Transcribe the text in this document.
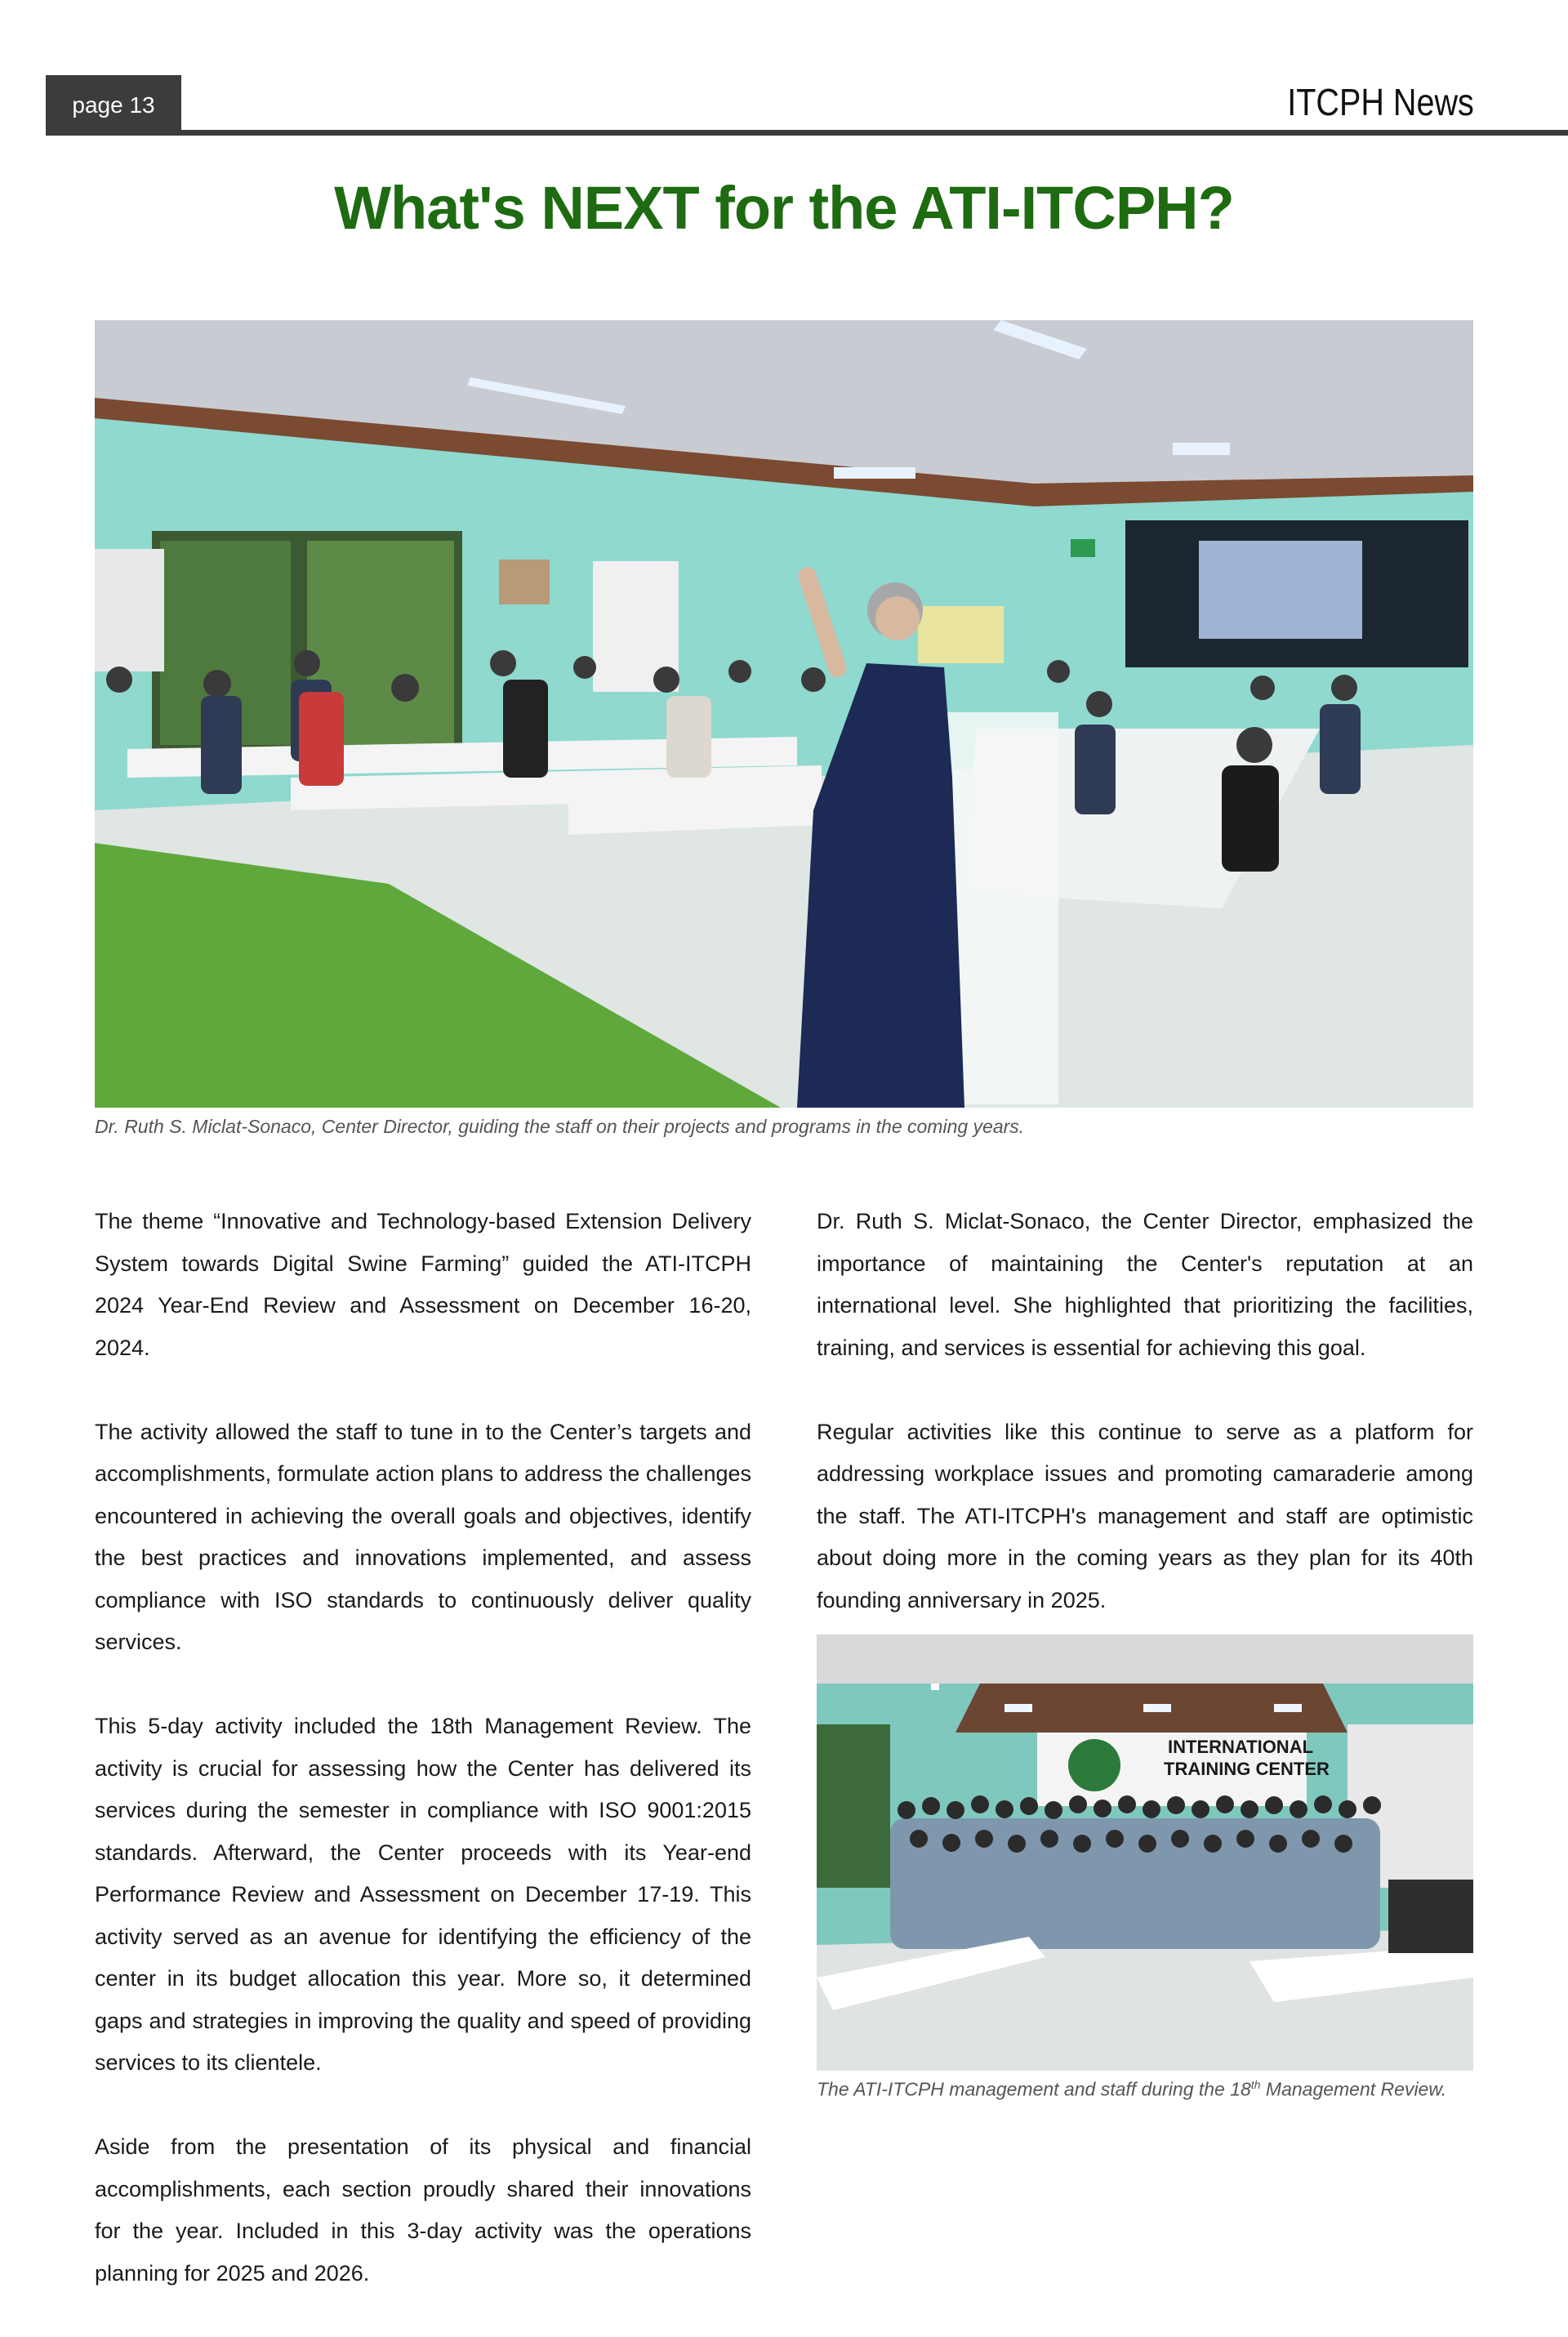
page 13	ITCPH News
What's NEXT for the ATI-ITCPH?
Dr. Ruth S. Miclat-Sonaco, Center Director, guiding the staff on their projects and programs in the coming years.

The theme “Innovative and Technology-based Extension Delivery System towards Digital Swine Farming” guided the ATI-ITCPH 2024 Year-End Review and Assessment on December 16-20, 2024.

The activity allowed the staff to tune in to the Center’s targets and accomplishments, formulate action plans to address the challenges encountered in achieving the overall goals and objectives, identify the best practices and innovations implemented, and assess compliance with ISO standards to continuously deliver quality services.

This 5-day activity included the 18th Management Review. The activity is crucial for assessing how the Center has delivered its services during the semester in compliance with ISO 9001:2015 standards. Afterward, the Center proceeds with its Year-end Performance Review and Assessment on December 17-19. This activity served as an avenue for identifying the efficiency of the center in its budget allocation this year. More so, it determined gaps and strategies in improving the quality and speed of providing services to its clientele.

Aside from the presentation of its physical and financial accomplishments, each section proudly shared their innovations for the year. Included in this 3-day activity was the operations planning for 2025 and 2026.

Dr. Ruth S. Miclat-Sonaco, the Center Director, emphasized the importance of maintaining the Center's reputation at an international level. She highlighted that prioritizing the facilities, training, and services is essential for achieving this goal.

Regular activities like this continue to serve as a platform for addressing workplace issues and promoting camaraderie among the staff. The ATI-ITCPH's management and staff are optimistic about doing more in the coming years as they plan for its 40th founding anniversary in 2025.

INTERNATIONAL
TRAINING CENTER
The ATI-ITCPH management and staff during the 18th Management Review.
